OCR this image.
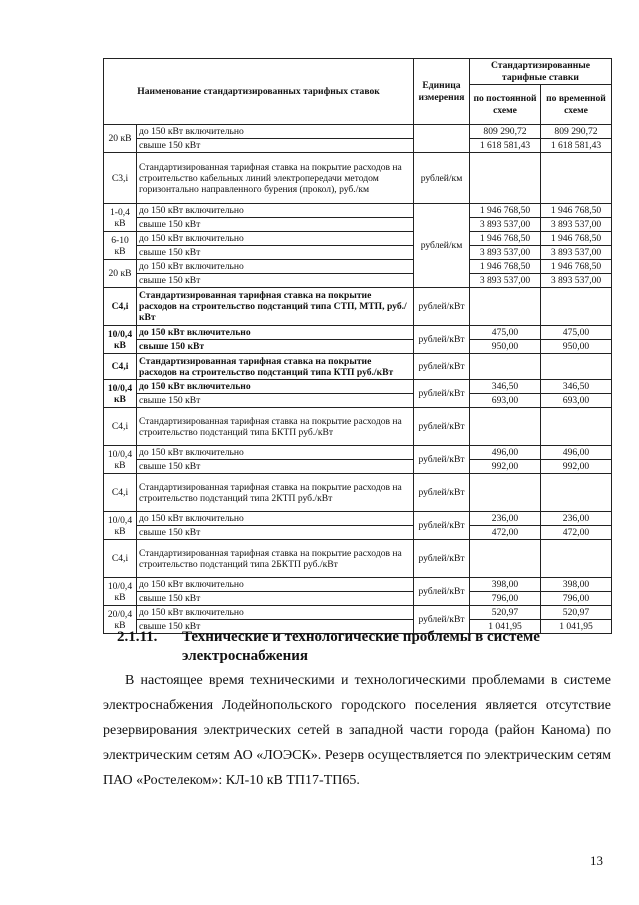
Наименование стандартизированных тарифных ставок		Единица измерения	Стандартизированные тарифные ставки	
			по постоянной схеме	по временной схеме
20 кВ	до 150 кВт включительно		809 290,72	809 290,72
	свыше 150 кВт		1 618 581,43	1 618 581,43
С3,i	Стандартизированная тарифная ставка на покрытие расходов на строительство кабельных линий электропередачи методом горизонтально направленного бурения (прокол), руб./км	рублей/км		
1-0,4 кВ	до 150 кВт включительно	рублей/км	1 946 768,50	1 946 768,50
	свыше 150 кВт		3 893 537,00	3 893 537,00
6-10 кВ	до 150 кВт включительно		1 946 768,50	1 946 768,50
	свыше 150 кВт		3 893 537,00	3 893 537,00
20 кВ	до 150 кВт включительно		1 946 768,50	1 946 768,50
	свыше 150 кВт		3 893 537,00	3 893 537,00
С4,i	Стандартизированная тарифная ставка на покрытие расходов на строительство подстанций типа СТП, МТП, руб./кВт	рублей/кВт		
10/0,4 кВ	до 150 кВт включительно	рублей/кВт	475,00	475,00
	свыше 150 кВт		950,00	950,00
С4,i	Стандартизированная тарифная ставка на покрытие расходов на строительство подстанций типа КТП руб./кВт	рублей/кВт		
10/0,4 кВ	до 150 кВт включительно	рублей/кВт	346,50	346,50
	свыше 150 кВт		693,00	693,00
С4,i	Стандартизированная тарифная ставка на покрытие расходов на строительство подстанций типа БКТП руб./кВт	рублей/кВт		
10/0,4 кВ	до 150 кВт включительно	рублей/кВт	496,00	496,00
	свыше 150 кВт		992,00	992,00
С4,i	Стандартизированная тарифная ставка на покрытие расходов на строительство подстанций типа 2КТП руб./кВт	рублей/кВт		
10/0,4 кВ	до 150 кВт включительно	рублей/кВт	236,00	236,00
	свыше 150 кВт		472,00	472,00
С4,i	Стандартизированная тарифная ставка на покрытие расходов на строительство подстанций типа 2БКТП руб./кВт	рублей/кВт		
10/0,4 кВ	до 150 кВт включительно	рублей/кВт	398,00	398,00
	свыше 150 кВт		796,00	796,00
20/0,4 кВ	до 150 кВт включительно	рублей/кВт	520,97	520,97
	свыше 150 кВт		1 041,95	1 041,95
2.1.11. Технические и технологические проблемы в системе
электроснабжения

В настоящее время техническими и технологическими проблемами в системе электроснабжения Лодейнопольского городского поселения является отсутствие резервирования электрических сетей в западной части города (район Канома) по электрическим сетям АО «ЛОЭСК». Резерв осуществляется по электрическим сетям ПАО «Ростелеком»: КЛ-10 кВ ТП17-ТП65.

13
